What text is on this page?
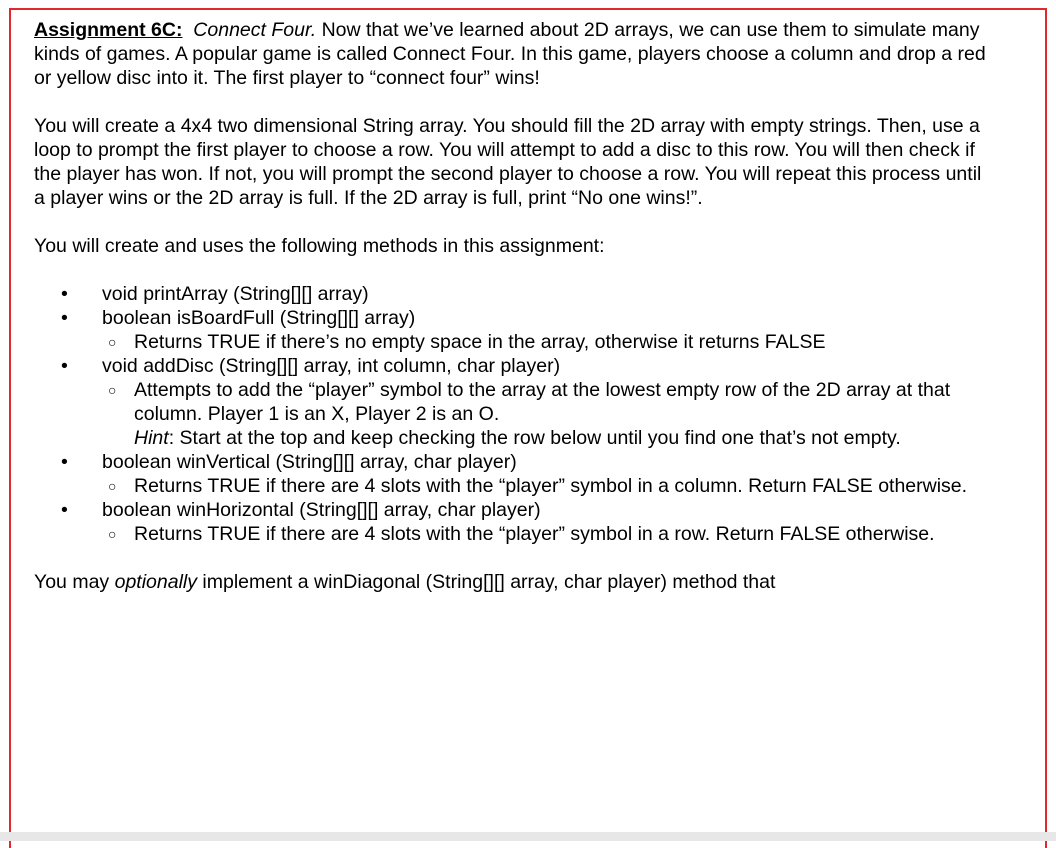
Assignment 6C: Connect Four. Now that we’ve learned about 2D arrays, we can use them to simulate many kinds of games. A popular game is called Connect Four. In this game, players choose a column and drop a red or yellow disc into it. The first player to “connect four” wins!

You will create a 4x4 two dimensional String array. You should fill the 2D array with empty strings. Then, use a loop to prompt the first player to choose a row. You will attempt to add a disc to this row. You will then check if the player has won. If not, you will prompt the second player to choose a row. You will repeat this process until a player wins or the 2D array is full. If the 2D array is full, print “No one wins!”.

You will create and uses the following methods in this assignment:

• void printArray (String[][] array)
• boolean isBoardFull (String[][] array)
○ Returns TRUE if there’s no empty space in the array, otherwise it returns FALSE
• void addDisc (String[][] array, int column, char player)
○ Attempts to add the “player” symbol to the array at the lowest empty row of the 2D array at that column. Player 1 is an X, Player 2 is an O.
Hint: Start at the top and keep checking the row below until you find one that’s not empty.
• boolean winVertical (String[][] array, char player)
○ Returns TRUE if there are 4 slots with the “player” symbol in a column. Return FALSE otherwise.
• boolean winHorizontal (String[][] array, char player)
○ Returns TRUE if there are 4 slots with the “player” symbol in a row. Return FALSE otherwise.

You may optionally implement a winDiagonal (String[][] array, char player) method that
